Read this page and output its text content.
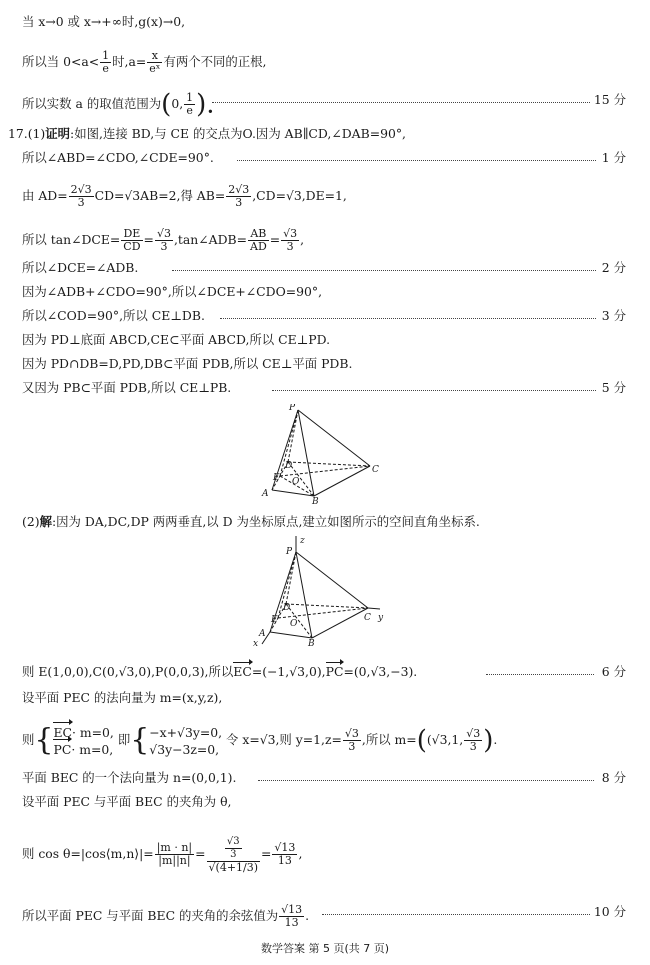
当 x→0 或 x→+∞时,g(x)→0,
所以当 $0<a< \frac{1}{e}$ 时$,a= \frac{x}{\text{eˣ}}$ 有两个不同的正根,
所以实数 a 的取值范围为(0, $\frac{1}{e}$ ).	15 分
17.(1)证明:如图,连接 BD,与 CE 的交点为O.因为 AB∥CD,∠DAB=90°,
所以∠ABD=∠CDO,∠CDE=90°.	1 分
由 $AD= \frac{2√3}{3} CD=√3AB=2$,得 $AB= \frac{2√3}{3} ,CD=√3,DE=1$,
所以 tan∠DCE= $\frac{DE}{CD} = \frac{√3}{3}$ ,tan∠ADB= $\frac{AB}{AD} = \frac{√3}{3}$ ,
所以∠DCE=∠ADB.	2 分
因为∠ADB+∠CDO=90°,所以∠DCE+∠CDO=90°,
所以∠COD=90°,所以 CE⊥DB.	3 分
因为 PD⊥底面 ABCD,CE⊂平面 ABCD,所以 CE⊥PD.
因为 PD∩DB=D,PD,DB⊂平面 PDB,所以 CE⊥平面 PDB.
又因为 PB⊂平面 PDB,所以 CE⊥PB.	5 分
P
D	C
E O
A
B
(2)解:因为 DA,DC,DP 两两垂直,以 D 为坐标原点,建立如图所示的空间直角坐标系.
z
P
D
C y
E O
A
B
x
则 E(1,0,0),C(0,√3,0),P(0,0,3),所以EC=(−1,√3,0),PC=(0,√3,−3).	6 分
设平面 PEC 的法向量为 m=(x,y,z),
则{EC· m=0,
PC· m=0, 即{−x+√3y=0,
√3y−3z=0, 令 x=√3,则 $y=1,z= \frac{√3}{3}$ ,所以 m=((√3,1, $\frac{√3}{3}$ ).
平面 BEC 的一个法向量为 n=(0,0,1).	8 分
设平面 PEC 与平面 BEC 的夹角为 θ,
则 cos θ=|cos⟨m,n⟩|= $\frac{|m \cdot n|}{|m||n|} = \frac{\frac{√3}{3}}{√(4+1/3)} = \frac{√13}{13}$ ,
所以平面 PEC 与平面 BEC 的夹角的余弦值为 $\frac{√13}{13}$ .	10 分
数学答案 第 5 页(共 7 页)
